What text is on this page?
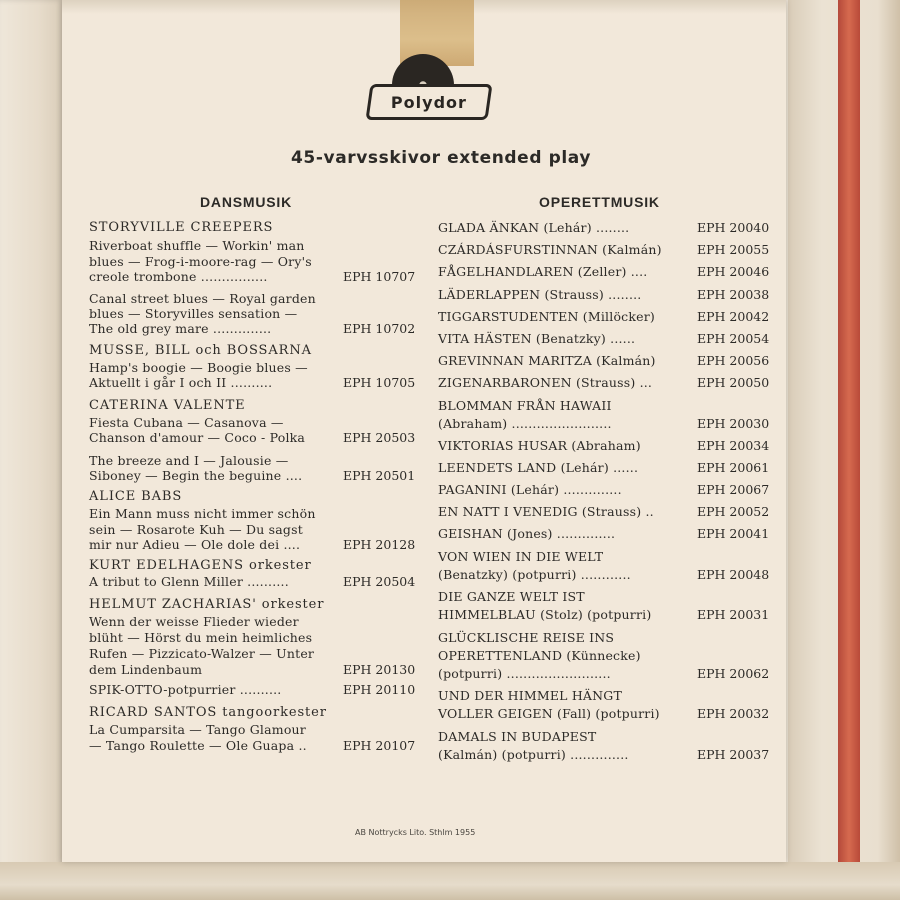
Polydor
45-varvsskivor extended play
DANSMUSIK	OPERETTMUSIK
STORYVILLE CREEPERS
Riverboat shuffle — Workin' man
blues — Frog-i-moore-rag — Ory's
creole trombone ................	EPH 10707
Canal street blues — Royal garden
blues — Storyvilles sensation —
The old grey mare ..............	EPH 10702
MUSSE, BILL och BOSSARNA
Hamp's boogie — Boogie blues —
Aktuellt i går I och II ..........	EPH 10705
CATERINA VALENTE
Fiesta Cubana — Casanova —
Chanson d'amour — Coco - Polka	EPH 20503
The breeze and I — Jalousie —
Siboney — Begin the beguine ....	EPH 20501
ALICE BABS
Ein Mann muss nicht immer schön
sein — Rosarote Kuh — Du sagst
mir nur Adieu — Ole dole dei ....	EPH 20128
KURT EDELHAGENS orkester
A tribut to Glenn Miller ..........	EPH 20504
HELMUT ZACHARIAS' orkester
Wenn der weisse Flieder wieder
blüht — Hörst du mein heimliches
Rufen — Pizzicato-Walzer — Unter
dem Lindenbaum	EPH 20130
SPIK-OTTO-potpurrier ..........	EPH 20110
RICARD SANTOS tangoorkester
La Cumparsita — Tango Glamour
— Tango Roulette — Ole Guapa ..	EPH 20107
GLADA ÄNKAN (Lehár) ........	EPH 20040
CZÁRDÁSFURSTINNAN (Kalmán)	EPH 20055
FÅGELHANDLAREN (Zeller) ....	EPH 20046
LÄDERLAPPEN (Strauss) ........	EPH 20038
TIGGARSTUDENTEN (Millöcker)	EPH 20042
VITA HÄSTEN (Benatzky) ......	EPH 20054
GREVINNAN MARITZA (Kalmán)	EPH 20056
ZIGENARBARONEN (Strauss) ...	EPH 20050
BLOMMAN FRÅN HAWAII
(Abraham) ........................	EPH 20030
VIKTORIAS HUSAR (Abraham)	EPH 20034
LEENDETS LAND (Lehár) ......	EPH 20061
PAGANINI (Lehár) ..............	EPH 20067
EN NATT I VENEDIG (Strauss) ..	EPH 20052
GEISHAN (Jones) ..............	EPH 20041
VON WIEN IN DIE WELT
(Benatzky) (potpurri) ............	EPH 20048
DIE GANZE WELT IST
HIMMELBLAU (Stolz) (potpurri)	EPH 20031
GLÜCKLISCHE REISE INS
OPERETTENLAND (Künnecke)
(potpurri) .........................	EPH 20062
UND DER HIMMEL HÄNGT
VOLLER GEIGEN (Fall) (potpurri)	EPH 20032
DAMALS IN BUDAPEST
(Kalmán) (potpurri) ..............	EPH 20037
AB Nottrycks Lito. Sthlm 1955
